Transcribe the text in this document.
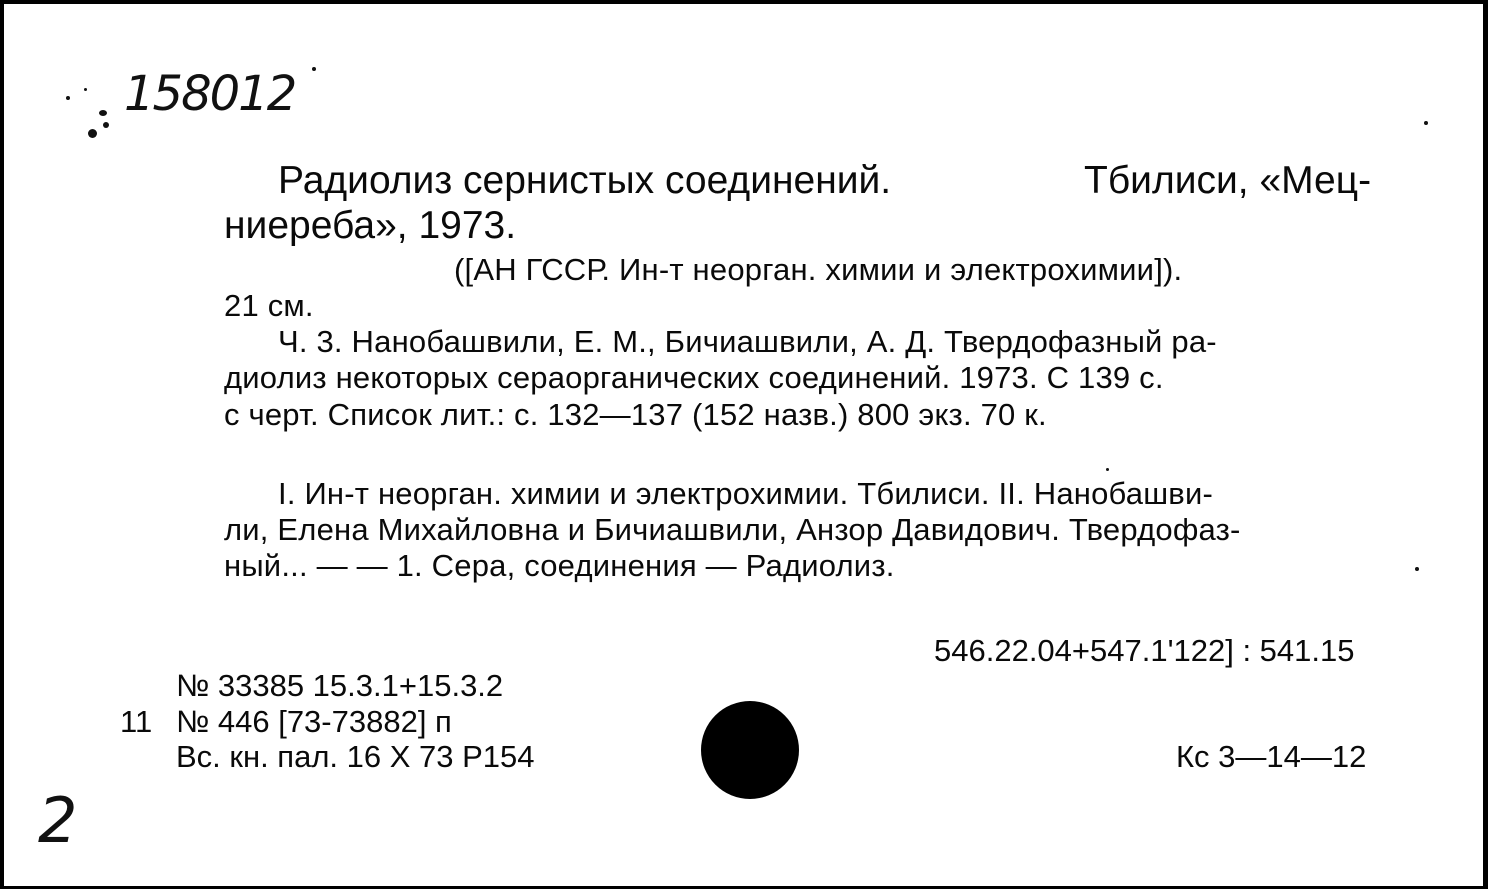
158012
Радиолиз сернистых соединений.	Тбилиси, «Мец-
ниереба», 1973.
([АН ГССР. Ин-т неорган. химии и электрохимии]).
21 см.
Ч. 3. Нанобашвили, Е. М., Бичиашвили, А. Д. Твердофазный ра-
диолиз некоторых сераорганических соединений. 1973. С 139 с.
с черт. Список лит.: с. 132—137 (152 назв.) 800 экз. 70 к.
I. Ин-т неорган. химии и электрохимии. Тбилиси. II. Нанобашви-
ли, Елена Михайловна и Бичиашвили, Анзор Давидович. Твердофаз-
ный... — — 1. Сера, соединения — Радиолиз.
546.22.04+547.1'122] : 541.15
№ 33385 15.3.1+15.3.2
11 № 446 [73-73882] п
Вс. кн. пал. 16 X 73 Р154	Кс 3—14—12
2
